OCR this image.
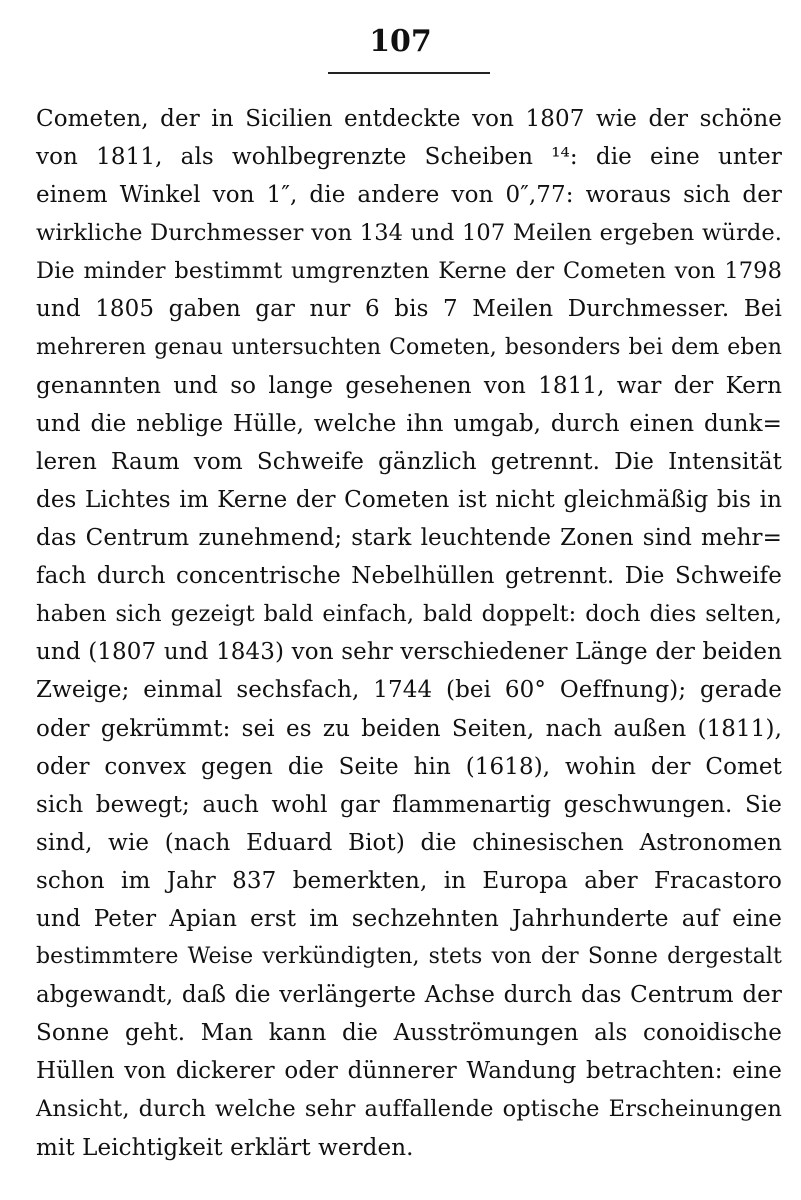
107
Cometen, der in Sicilien entdeckte von 1807 wie der schöne
von 1811, als wohlbegrenzte Scheiben ¹⁴: die eine unter
einem Winkel von 1″, die andere von 0″,77: woraus sich der
wirkliche Durchmesser von 134 und 107 Meilen ergeben würde.
Die minder bestimmt umgrenzten Kerne der Cometen von 1798
und 1805 gaben gar nur 6 bis 7 Meilen Durchmesser. Bei
mehreren genau untersuchten Cometen, besonders bei dem eben
genannten und so lange gesehenen von 1811, war der Kern
und die neblige Hülle, welche ihn umgab, durch einen dunk=
leren Raum vom Schweife gänzlich getrennt. Die Intensität
des Lichtes im Kerne der Cometen ist nicht gleichmäßig bis in
das Centrum zunehmend; stark leuchtende Zonen sind mehr=
fach durch concentrische Nebelhüllen getrennt. Die Schweife
haben sich gezeigt bald einfach, bald doppelt: doch dies selten,
und (1807 und 1843) von sehr verschiedener Länge der beiden
Zweige; einmal sechsfach, 1744 (bei 60° Oeffnung); gerade
oder gekrümmt: sei es zu beiden Seiten, nach außen (1811),
oder convex gegen die Seite hin (1618), wohin der Comet
sich bewegt; auch wohl gar flammenartig geschwungen. Sie
sind, wie (nach Eduard Biot) die chinesischen Astronomen
schon im Jahr 837 bemerkten, in Europa aber Fracastoro
und Peter Apian erst im sechzehnten Jahrhunderte auf eine
bestimmtere Weise verkündigten, stets von der Sonne dergestalt
abgewandt, daß die verlängerte Achse durch das Centrum der
Sonne geht. Man kann die Ausströmungen als conoidische
Hüllen von dickerer oder dünnerer Wandung betrachten: eine
Ansicht, durch welche sehr auffallende optische Erscheinungen
mit Leichtigkeit erklärt werden.
